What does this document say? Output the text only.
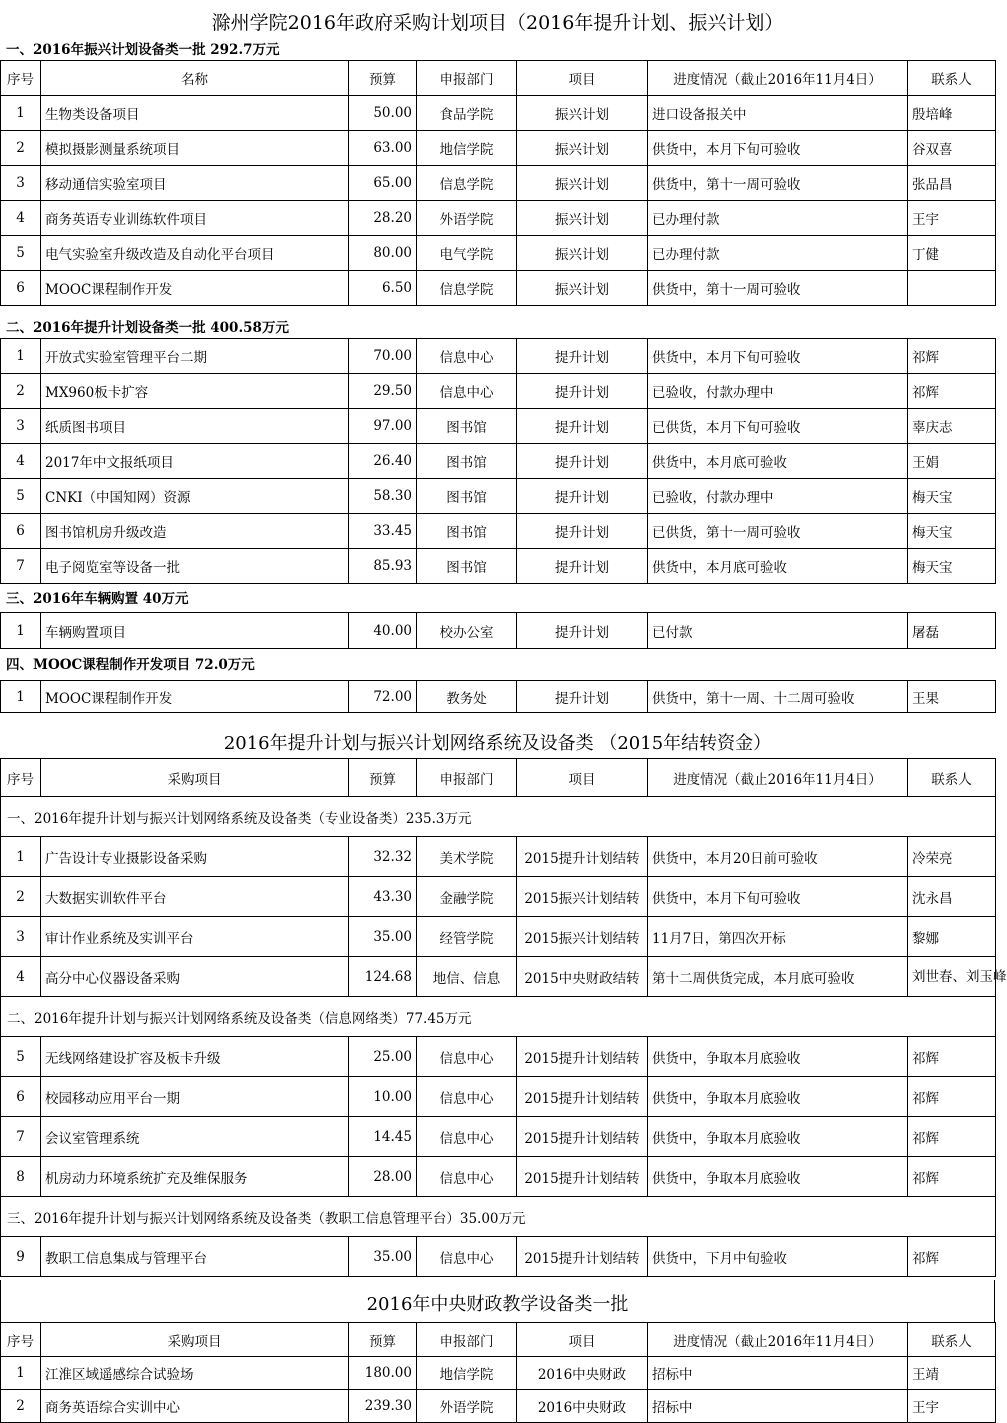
滁州学院2016年政府采购计划项目（2016年提升计划、振兴计划）
一、2016年振兴计划设备类一批 292.7万元
序号	名称	预算	申报部门	项目	进度情况（截止2016年11月4日）	联系人
1	生物类设备项目	50.00	食品学院	振兴计划	进口设备报关中	殷培峰
2	模拟摄影测量系统项目	63.00	地信学院	振兴计划	供货中，本月下旬可验收	谷双喜
3	移动通信实验室项目	65.00	信息学院	振兴计划	供货中，第十一周可验收	张品昌
4	商务英语专业训练软件项目	28.20	外语学院	振兴计划	已办理付款	王宇
5	电气实验室升级改造及自动化平台项目	80.00	电气学院	振兴计划	已办理付款	丁健
6	MOOC课程制作开发	6.50	信息学院	振兴计划	供货中，第十一周可验收	
二、2016年提升计划设备类一批 400.58万元
1	开放式实验室管理平台二期	70.00	信息中心	提升计划	供货中，本月下旬可验收	祁辉
2	MX960板卡扩容	29.50	信息中心	提升计划	已验收，付款办理中	祁辉
3	纸质图书项目	97.00	图书馆	提升计划	已供货，本月下旬可验收	辜庆志
4	2017年中文报纸项目	26.40	图书馆	提升计划	供货中，本月底可验收	王娟
5	CNKI（中国知网）资源	58.30	图书馆	提升计划	已验收，付款办理中	梅天宝
6	图书馆机房升级改造	33.45	图书馆	提升计划	已供货，第十一周可验收	梅天宝
7	电子阅览室等设备一批	85.93	图书馆	提升计划	供货中，本月底可验收	梅天宝
三、2016年车辆购置 40万元
1	车辆购置项目	40.00	校办公室	提升计划	已付款	屠磊
四、MOOC课程制作开发项目 72.0万元
1	MOOC课程制作开发	72.00	教务处	提升计划	供货中，第十一周、十二周可验收	王果
2016年提升计划与振兴计划网络系统及设备类 （2015年结转资金）
序号	采购项目	预算	申报部门	项目	进度情况（截止2016年11月4日）	联系人
一、2016年提升计划与振兴计划网络系统及设备类（专业设备类）235.3万元						
1	广告设计专业摄影设备采购	32.32	美术学院	2015提升计划结转	供货中，本月20日前可验收	冷荣亮
2	大数据实训软件平台	43.30	金融学院	2015振兴计划结转	供货中，本月下旬可验收	沈永昌
3	审计作业系统及实训平台	35.00	经管学院	2015振兴计划结转	11月7日，第四次开标	黎娜
4	高分中心仪器设备采购	124.68	地信、信息	2015中央财政结转	第十二周供货完成，本月底可验收	刘世春、刘玉峰
二、2016年提升计划与振兴计划网络系统及设备类（信息网络类）77.45万元						
5	无线网络建设扩容及板卡升级	25.00	信息中心	2015提升计划结转	供货中，争取本月底验收	祁辉
6	校园移动应用平台一期	10.00	信息中心	2015提升计划结转	供货中，争取本月底验收	祁辉
7	会议室管理系统	14.45	信息中心	2015提升计划结转	供货中，争取本月底验收	祁辉
8	机房动力环境系统扩充及维保服务	28.00	信息中心	2015提升计划结转	供货中，争取本月底验收	祁辉
三、2016年提升计划与振兴计划网络系统及设备类（教职工信息管理平台）35.00万元						
9	教职工信息集成与管理平台	35.00	信息中心	2015提升计划结转	供货中，下月中旬验收	祁辉
2016年中央财政教学设备类一批
序号	采购项目	预算	申报部门	项目	进度情况（截止2016年11月4日）	联系人
1	江淮区域遥感综合试验场	180.00	地信学院	2016中央财政	招标中	王靖
2	商务英语综合实训中心	239.30	外语学院	2016中央财政	招标中	王宇
